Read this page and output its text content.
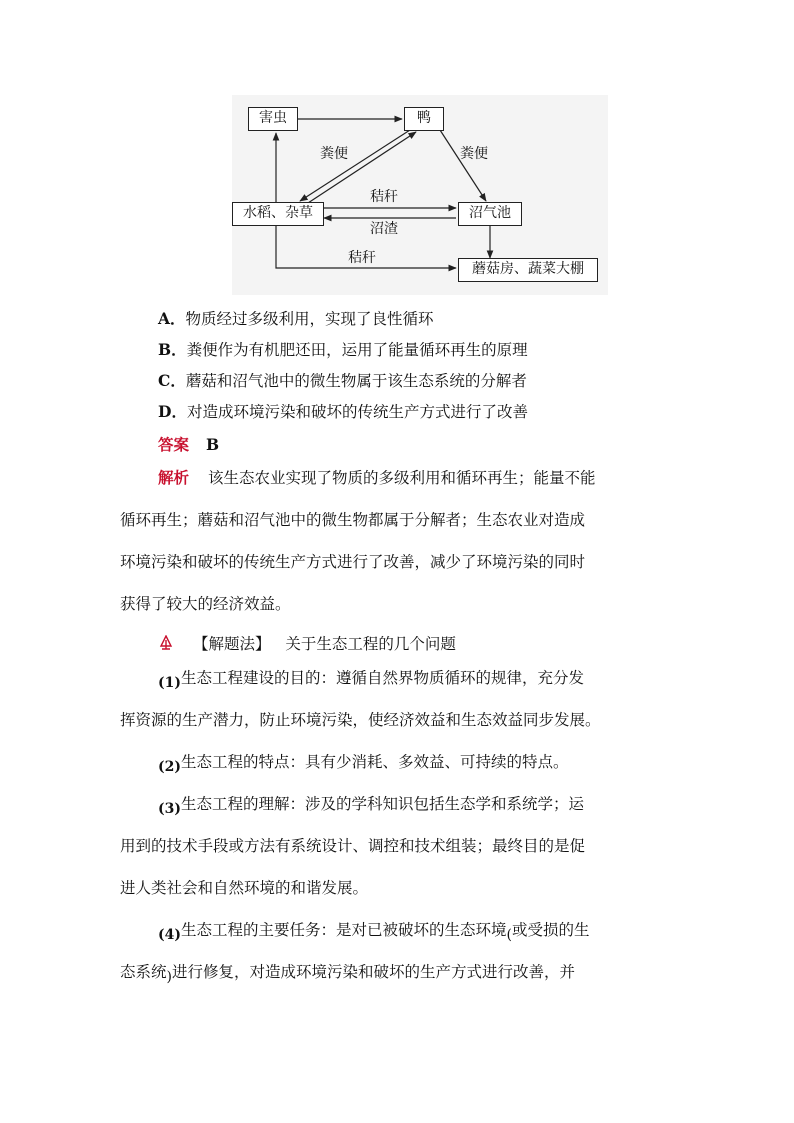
害虫	鸭
水稻、杂草	沼气池
蘑菇房、蔬菜大棚
粪便	粪便
秸秆
沼渣
秸秆
A．物质经过多级利用，实现了良性循环
B．粪便作为有机肥还田，运用了能量循环再生的原理
C．蘑菇和沼气池中的微生物属于该生态系统的分解者
D．对造成环境污染和破坏的传统生产方式进行了改善
答案 B
解析 该生态农业实现了物质的多级利用和循环再生；能量不能
循环再生；蘑菇和沼气池中的微生物都属于分解者；生态农业对造成
环境污染和破坏的传统生产方式进行了改善，减少了环境污染的同时
获得了较大的经济效益。
【解题法】 关于生态工程的几个问题
(1)生态工程建设的目的：遵循自然界物质循环的规律，充分发
挥资源的生产潜力，防止环境污染，使经济效益和生态效益同步发展。
(2)生态工程的特点：具有少消耗、多效益、可持续的特点。
(3)生态工程的理解：涉及的学科知识包括生态学和系统学；运
用到的技术手段或方法有系统设计、调控和技术组装；最终目的是促
进人类社会和自然环境的和谐发展。
(4)生态工程的主要任务：是对已被破坏的生态环境(或受损的生
态系统)进行修复，对造成环境污染和破坏的生产方式进行改善，并
